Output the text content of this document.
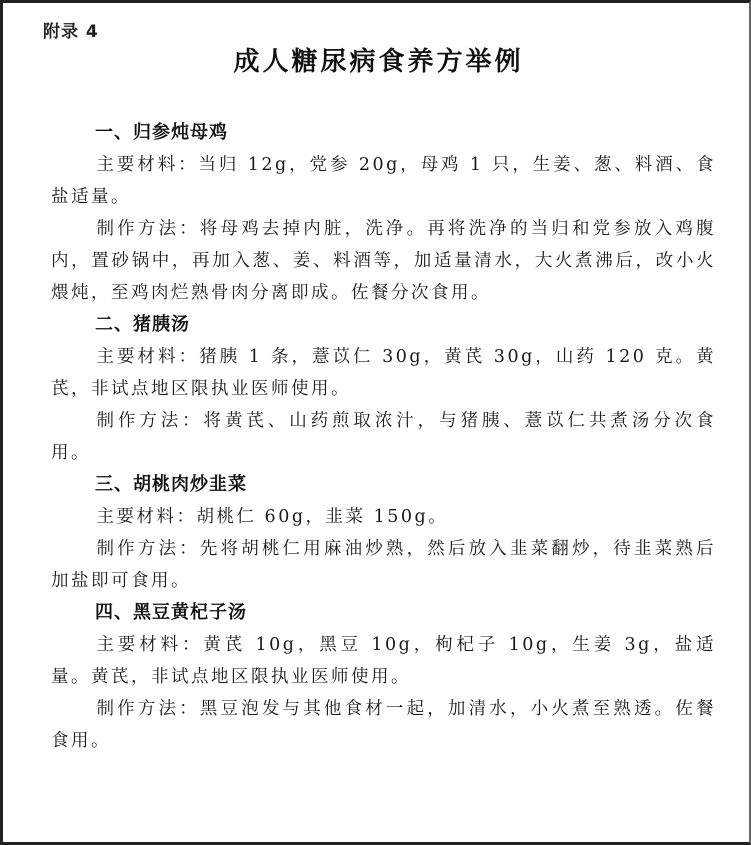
附录 4
成人糖尿病食养方举例
一、归参炖母鸡

主要材料：当归 12g，党参 20g，母鸡 1 只，生姜、葱、料酒、食盐适量。

制作方法：将母鸡去掉内脏，洗净。再将洗净的当归和党参放入鸡腹内，置砂锅中，再加入葱、姜、料酒等，加适量清水，大火煮沸后，改小火煨炖，至鸡肉烂熟骨肉分离即成。佐餐分次食用。

二、猪胰汤

主要材料：猪胰 1 条，薏苡仁 30g，黄芪 30g，山药 120 克。黄芪，非试点地区限执业医师使用。

制作方法：将黄芪、山药煎取浓汁，与猪胰、薏苡仁共煮汤分次食用。

三、胡桃肉炒韭菜

主要材料：胡桃仁 60g，韭菜 150g。

制作方法：先将胡桃仁用麻油炒熟，然后放入韭菜翻炒，待韭菜熟后加盐即可食用。

四、黑豆黄杞子汤

主要材料：黄芪 10g，黑豆 10g，枸杞子 10g，生姜 3g，盐适量。黄芪，非试点地区限执业医师使用。

制作方法：黑豆泡发与其他食材一起，加清水，小火煮至熟透。佐餐食用。
